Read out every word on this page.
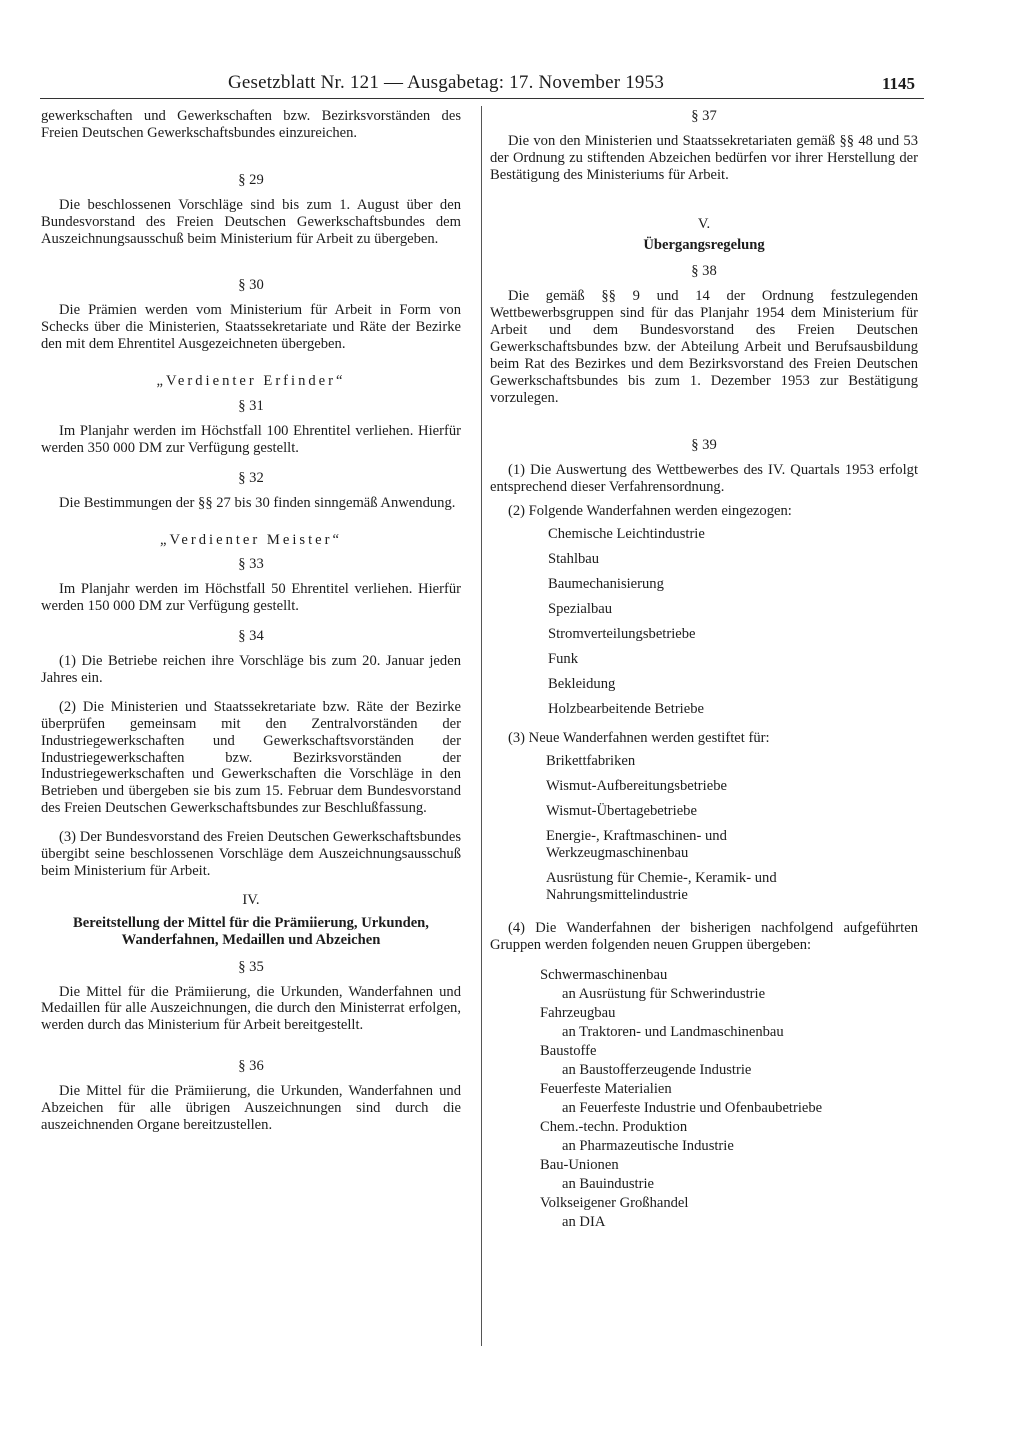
Gesetzblatt Nr. 121 — Ausgabetag: 17. November 1953	1145

gewerkschaften und Gewerkschaften bzw. Bezirksvorständen des Freien Deutschen Gewerkschaftsbundes einzureichen.

§ 29

Die beschlossenen Vorschläge sind bis zum 1. August über den Bundesvorstand des Freien Deutschen Gewerkschaftsbundes dem Auszeichnungsausschuß beim Ministerium für Arbeit zu übergeben.

§ 30

Die Prämien werden vom Ministerium für Arbeit in Form von Schecks über die Ministerien, Staatssekretariate und Räte der Bezirke den mit dem Ehrentitel Ausgezeichneten übergeben.

„Verdienter Erfinder“

§ 31

Im Planjahr werden im Höchstfall 100 Ehrentitel verliehen. Hierfür werden 350 000 DM zur Verfügung gestellt.

§ 32

Die Bestimmungen der §§ 27 bis 30 finden sinngemäß Anwendung.

„Verdienter Meister“

§ 33

Im Planjahr werden im Höchstfall 50 Ehrentitel verliehen. Hierfür werden 150 000 DM zur Verfügung gestellt.

§ 34

(1) Die Betriebe reichen ihre Vorschläge bis zum 20. Januar jeden Jahres ein.

(2) Die Ministerien und Staatssekretariate bzw. Räte der Bezirke überprüfen gemeinsam mit den Zentralvorständen der Industriegewerkschaften und Gewerkschaftsvorständen der Industriegewerkschaften bzw. Bezirksvorständen der Industriegewerkschaften und Gewerkschaften die Vorschläge in den Betrieben und übergeben sie bis zum 15. Februar dem Bundesvorstand des Freien Deutschen Gewerkschaftsbundes zur Beschlußfassung.

(3) Der Bundesvorstand des Freien Deutschen Gewerkschaftsbundes übergibt seine beschlossenen Vorschläge dem Auszeichnungsausschuß beim Ministerium für Arbeit.

IV.

Bereitstellung der Mittel für die Prämiierung, Urkunden, Wanderfahnen, Medaillen und Abzeichen

§ 35

Die Mittel für die Prämiierung, die Urkunden, Wanderfahnen und Medaillen für alle Auszeichnungen, die durch den Ministerrat erfolgen, werden durch das Ministerium für Arbeit bereitgestellt.

§ 36

Die Mittel für die Prämiierung, die Urkunden, Wanderfahnen und Abzeichen für alle übrigen Auszeichnungen sind durch die auszeichnenden Organe bereitzustellen.

§ 37

Die von den Ministerien und Staatssekretariaten gemäß §§ 48 und 53 der Ordnung zu stiftenden Abzeichen bedürfen vor ihrer Herstellung der Bestätigung des Ministeriums für Arbeit.

V.

Übergangsregelung

§ 38

Die gemäß §§ 9 und 14 der Ordnung festzulegenden Wettbewerbsgruppen sind für das Planjahr 1954 dem Ministerium für Arbeit und dem Bundesvorstand des Freien Deutschen Gewerkschaftsbundes bzw. der Abteilung Arbeit und Berufsausbildung beim Rat des Bezirkes und dem Bezirksvorstand des Freien Deutschen Gewerkschaftsbundes bis zum 1. Dezember 1953 zur Bestätigung vorzulegen.

§ 39

(1) Die Auswertung des Wettbewerbes des IV. Quartals 1953 erfolgt entsprechend dieser Verfahrensordnung.

(2) Folgende Wanderfahnen werden eingezogen:

Chemische Leichtindustrie
Stahlbau
Baumechanisierung
Spezialbau
Stromverteilungsbetriebe
Funk
Bekleidung
Holzbearbeitende Betriebe

(3) Neue Wanderfahnen werden gestiftet für:

Brikettfabriken
Wismut-Aufbereitungsbetriebe
Wismut-Übertagebetriebe
Energie-, Kraftmaschinen- und Werkzeugmaschinenbau
Ausrüstung für Chemie-, Keramik- und Nahrungsmittelindustrie

(4) Die Wanderfahnen der bisherigen nachfolgend aufgeführten Gruppen werden folgenden neuen Gruppen übergeben:

Schwermaschinenbau
an Ausrüstung für Schwerindustrie
Fahrzeugbau
an Traktoren- und Landmaschinenbau
Baustoffe
an Baustofferzeugende Industrie
Feuerfeste Materialien
an Feuerfeste Industrie und Ofenbaubetriebe
Chem.-techn. Produktion
an Pharmazeutische Industrie
Bau-Unionen
an Bauindustrie
Volkseigener Großhandel
an DIA
